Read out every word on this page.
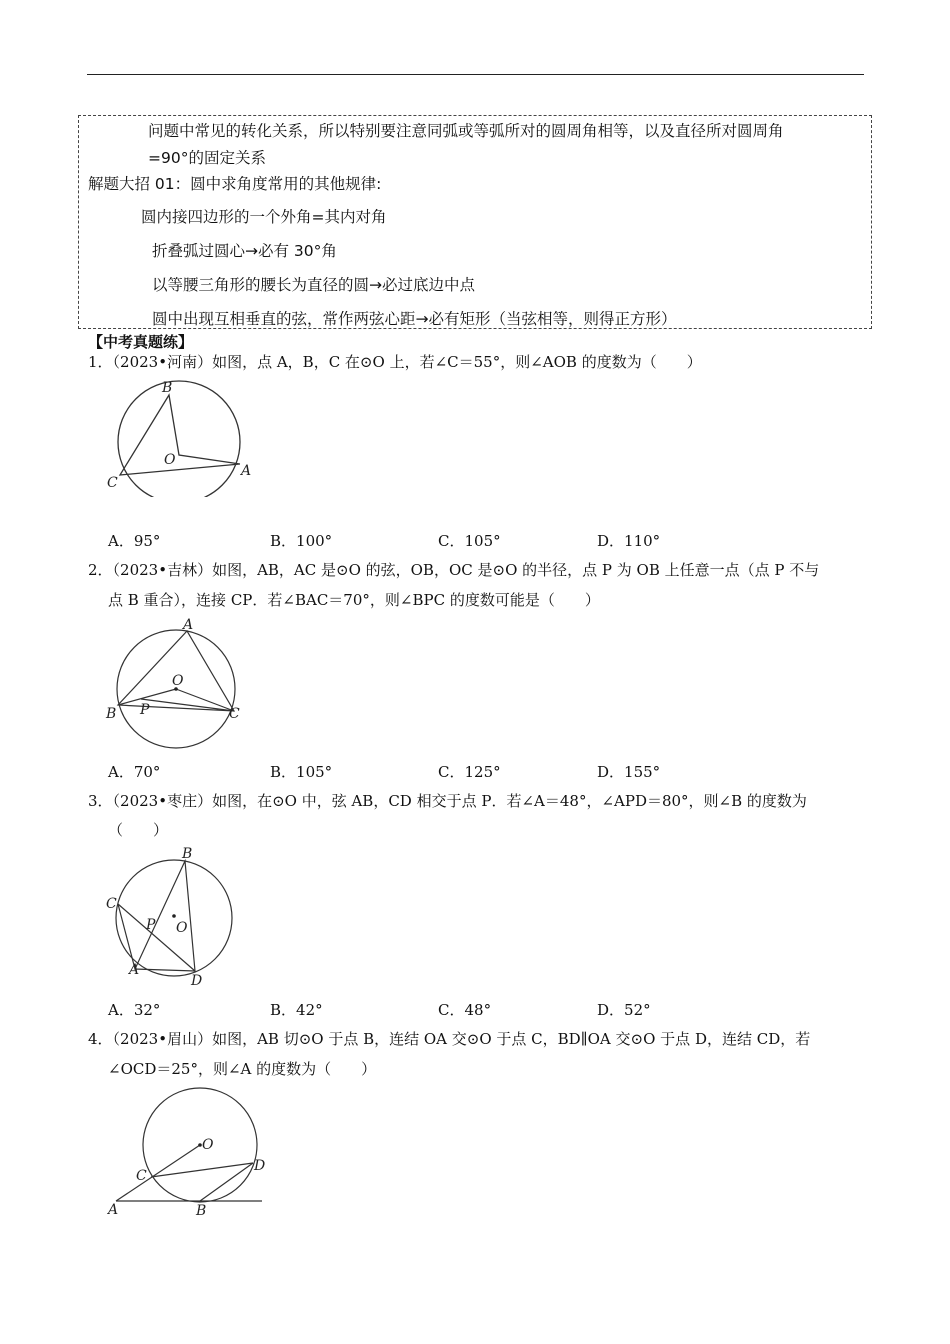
问题中常见的转化关系，所以特别要注意同弧或等弧所对的圆周角相等，以及直径所对圆周角
=90°的固定关系
解题大招 01：圆中求角度常用的其他规律:
圆内接四边形的一个外角=其内对角
折叠弧过圆心→必有 30°角
以等腰三角形的腰长为直径的圆→必过底边中点
圆中出现互相垂直的弦，常作两弦心距→必有矩形（当弦相等，则得正方形）
【中考真题练】
1．（2023•河南）如图，点 A，B，C 在⊙O 上，若∠C＝55°，则∠AOB 的度数为（　　）
B
O
A
C
A．95°	B．100°	C．105°	D．110°
2．（2023•吉林）如图，AB，AC 是⊙O 的弦，OB，OC 是⊙O 的半径，点 P 为 OB 上任意一点（点 P 不与
点 B 重合），连接 CP．若∠BAC＝70°，则∠BPC 的度数可能是（　　）
A
O
B P	C
A．70°	B．105°	C．125°	D．155°
3．（2023•枣庄）如图，在⊙O 中，弦 AB，CD 相交于点 P．若∠A＝48°，∠APD＝80°，则∠B 的度数为
（　　）
B
C
P O
A
D
A．32°	B．42°	C．48°	D．52°
4．（2023•眉山）如图，AB 切⊙O 于点 B，连结 OA 交⊙O 于点 C，BD∥OA 交⊙O 于点 D，连结 CD，若
∠OCD＝25°，则∠A 的度数为（　　）
O
C
D
A	B
